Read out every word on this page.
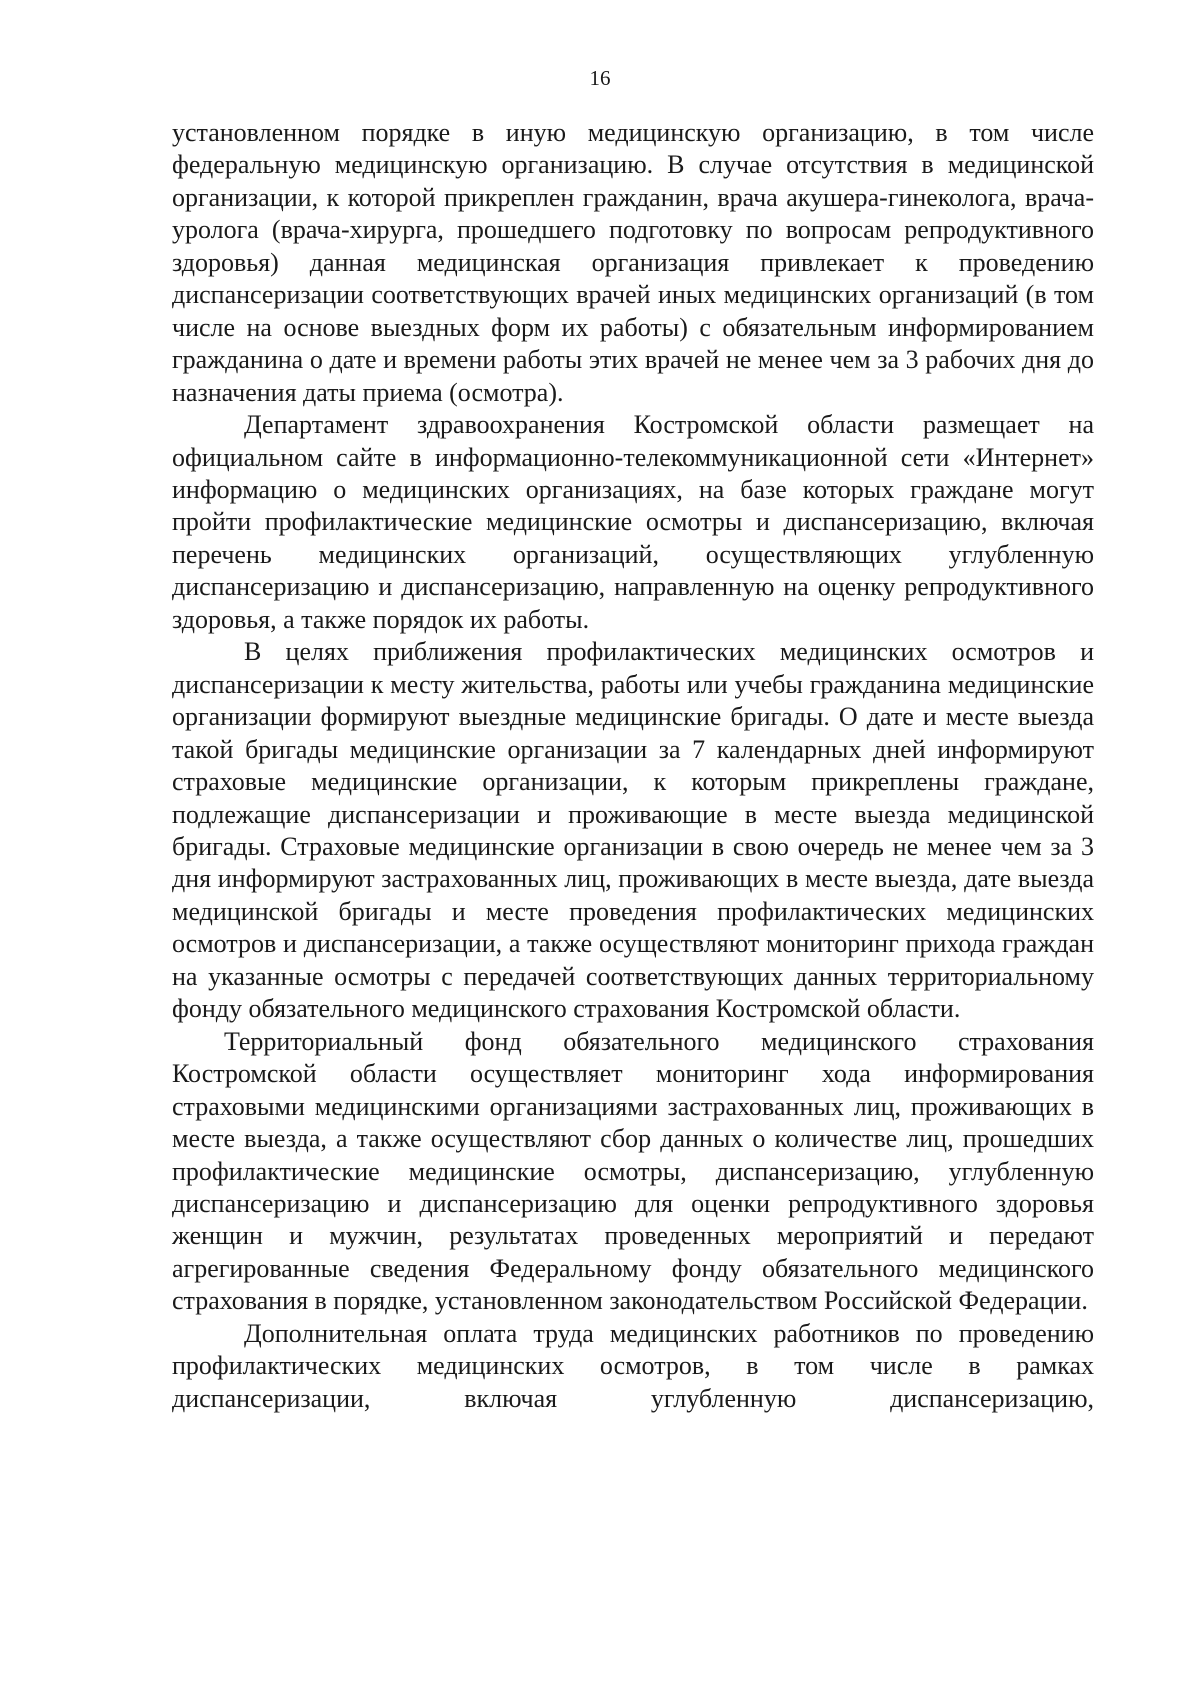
16

установленном порядке в иную медицинскую организацию, в том числе федеральную медицинскую организацию. В случае отсутствия в медицинской организации, к которой прикреплен гражданин, врача акушера-гинеколога, врача-уролога (врача-хирурга, прошедшего подготовку по вопросам репродуктивного здоровья) данная медицинская организация привлекает к проведению диспансеризации соответствующих врачей иных медицинских организаций (в том числе на основе выездных форм их работы) с обязательным информированием гражданина о дате и времени работы этих врачей не менее чем за 3 рабочих дня до назначения даты приема (осмотра).

Департамент здравоохранения Костромской области размещает на официальном сайте в информационно-телекоммуникационной сети «Интернет» информацию о медицинских организациях, на базе которых граждане могут пройти профилактические медицинские осмотры и диспансеризацию, включая перечень медицинских организаций, осуществляющих углубленную диспансеризацию и диспансеризацию, направленную на оценку репродуктивного здоровья, а также порядок их работы.

В целях приближения профилактических медицинских осмотров и диспансеризации к месту жительства, работы или учебы гражданина медицинские организации формируют выездные медицинские бригады. О дате и месте выезда такой бригады медицинские организации за 7 календарных дней информируют страховые медицинские организации, к которым прикреплены граждане, подлежащие диспансеризации и проживающие в месте выезда медицинской бригады. Страховые медицинские организации в свою очередь не менее чем за 3 дня информируют застрахованных лиц, проживающих в месте выезда, дате выезда медицинской бригады и месте проведения профилактических медицинских осмотров и диспансеризации, а также осуществляют мониторинг прихода граждан на указанные осмотры с передачей соответствующих данных территориальному фонду обязательного медицинского страхования Костромской области.

Территориальный фонд обязательного медицинского страхования Костромской области осуществляет мониторинг хода информирования страховыми медицинскими организациями застрахованных лиц, проживающих в месте выезда, а также осуществляют сбор данных о количестве лиц, прошедших профилактические медицинские осмотры, диспансеризацию, углубленную диспансеризацию и диспансеризацию для оценки репродуктивного здоровья женщин и мужчин, результатах проведенных мероприятий и передают агрегированные сведения Федеральному фонду обязательного медицинского страхования в порядке, установленном законодательством Российской Федерации.

Дополнительная оплата труда медицинских работников по проведению профилактических медицинских осмотров, в том числе в рамках диспансеризации, включая углубленную диспансеризацию,
